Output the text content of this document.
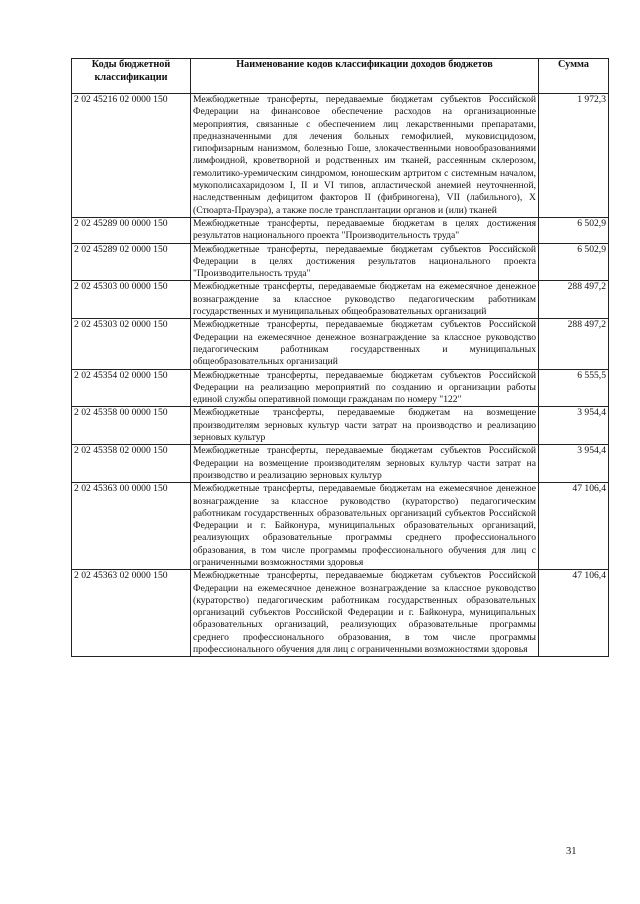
Коды бюджетной классификации	Наименование кодов классификации доходов бюджетов	Сумма
2 02 45216 02 0000 150	Межбюджетные трансферты, передаваемые бюджетам субъектов Российской Федерации на финансовое обеспечение расходов на организационные мероприятия, связанные с обеспечением лиц лекарственными препаратами, предназначенными для лечения больных гемофилией, муковисцидозом, гипофизарным нанизмом, болезнью Гоше, злокачественными новообразованиями лимфоидной, кроветворной и родственных им тканей, рассеянным склерозом, гемолитико-уремическим синдромом, юношеским артритом с системным началом, мукополисахаридозом I, II и VI типов, апластической анемией неуточненной, наследственным дефицитом факторов II (фибриногена), VII (лабильного), X (Стюарта-Прауэра), а также после трансплантации органов и (или) тканей	1 972,3
2 02 45289 00 0000 150	Межбюджетные трансферты, передаваемые бюджетам в целях достижения результатов национального проекта "Производительность труда"	6 502,9
2 02 45289 02 0000 150	Межбюджетные трансферты, передаваемые бюджетам субъектов Российской Федерации в целях достижения результатов национального проекта "Производительность труда"	6 502,9
2 02 45303 00 0000 150	Межбюджетные трансферты, передаваемые бюджетам на ежемесячное денежное вознаграждение за классное руководство педагогическим работникам государственных и муниципальных общеобразовательных организаций	288 497,2
2 02 45303 02 0000 150	Межбюджетные трансферты, передаваемые бюджетам субъектов Российской Федерации на ежемесячное денежное вознаграждение за классное руководство педагогическим работникам государственных и муниципальных общеобразовательных организаций	288 497,2
2 02 45354 02 0000 150	Межбюджетные трансферты, передаваемые бюджетам субъектов Российской Федерации на реализацию мероприятий по созданию и организации работы единой службы оперативной помощи гражданам по номеру "122"	6 555,5
2 02 45358 00 0000 150	Межбюджетные трансферты, передаваемые бюджетам на возмещение производителям зерновых культур части затрат на производство и реализацию зерновых культур	3 954,4
2 02 45358 02 0000 150	Межбюджетные трансферты, передаваемые бюджетам субъектов Российской Федерации на возмещение производителям зерновых культур части затрат на производство и реализацию зерновых культур	3 954,4
2 02 45363 00 0000 150	Межбюджетные трансферты, передаваемые бюджетам на ежемесячное денежное вознаграждение за классное руководство (кураторство) педагогическим работникам государственных образовательных организаций субъектов Российской Федерации и г. Байконура, муниципальных образовательных организаций, реализующих образовательные программы среднего профессионального образования, в том числе программы профессионального обучения для лиц с ограниченными возможностями здоровья	47 106,4
2 02 45363 02 0000 150	Межбюджетные трансферты, передаваемые бюджетам субъектов Российской Федерации на ежемесячное денежное вознаграждение за классное руководство (кураторство) педагогическим работникам государственных образовательных организаций субъектов Российской Федерации и г. Байконура, муниципальных образовательных организаций, реализующих образовательные программы среднего профессионального образования, в том числе программы профессионального обучения для лиц с ограниченными возможностями здоровья	47 106,4
31
